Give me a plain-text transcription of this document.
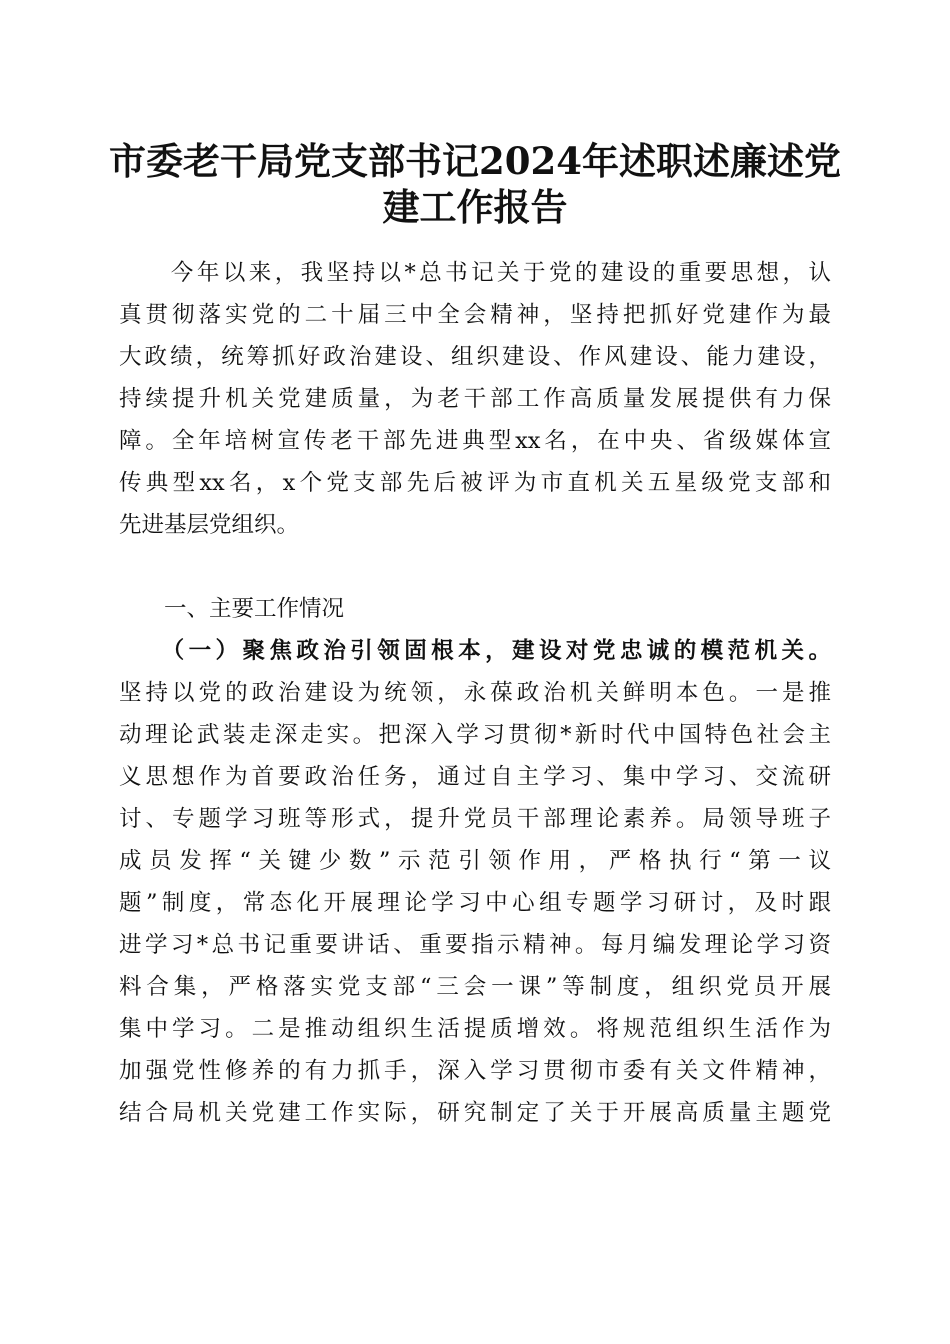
市委老干局党支部书记2024年述职述廉述党
建工作报告
　　今年以来，我坚持以*总书记关于党的建设的重要思想，认
真贯彻落实党的二十届三中全会精神，坚持把抓好党建作为最
大政绩，统筹抓好政治建设、组织建设、作风建设、能力建设，
持续提升机关党建质量，为老干部工作高质量发展提供有力保
障。全年培树宣传老干部先进典型xx名，在中央、省级媒体宣
传典型xx名，x个党支部先后被评为市直机关五星级党支部和
先进基层党组织。
　　一、主要工作情况
　　（一）聚焦政治引领固根本，建设对党忠诚的模范机关。
坚持以党的政治建设为统领，永葆政治机关鲜明本色。一是推
动理论武装走深走实。把深入学习贯彻*新时代中国特色社会主
义思想作为首要政治任务，通过自主学习、集中学习、交流研
讨、专题学习班等形式，提升党员干部理论素养。局领导班子
成员发挥“关键少数”示范引领作用，严格执行“第一议
题”制度，常态化开展理论学习中心组专题学习研讨，及时跟
进学习*总书记重要讲话、重要指示精神。每月编发理论学习资
料合集，严格落实党支部“三会一课”等制度，组织党员开展
集中学习。二是推动组织生活提质增效。将规范组织生活作为
加强党性修养的有力抓手，深入学习贯彻市委有关文件精神，
结合局机关党建工作实际，研究制定了关于开展高质量主题党
